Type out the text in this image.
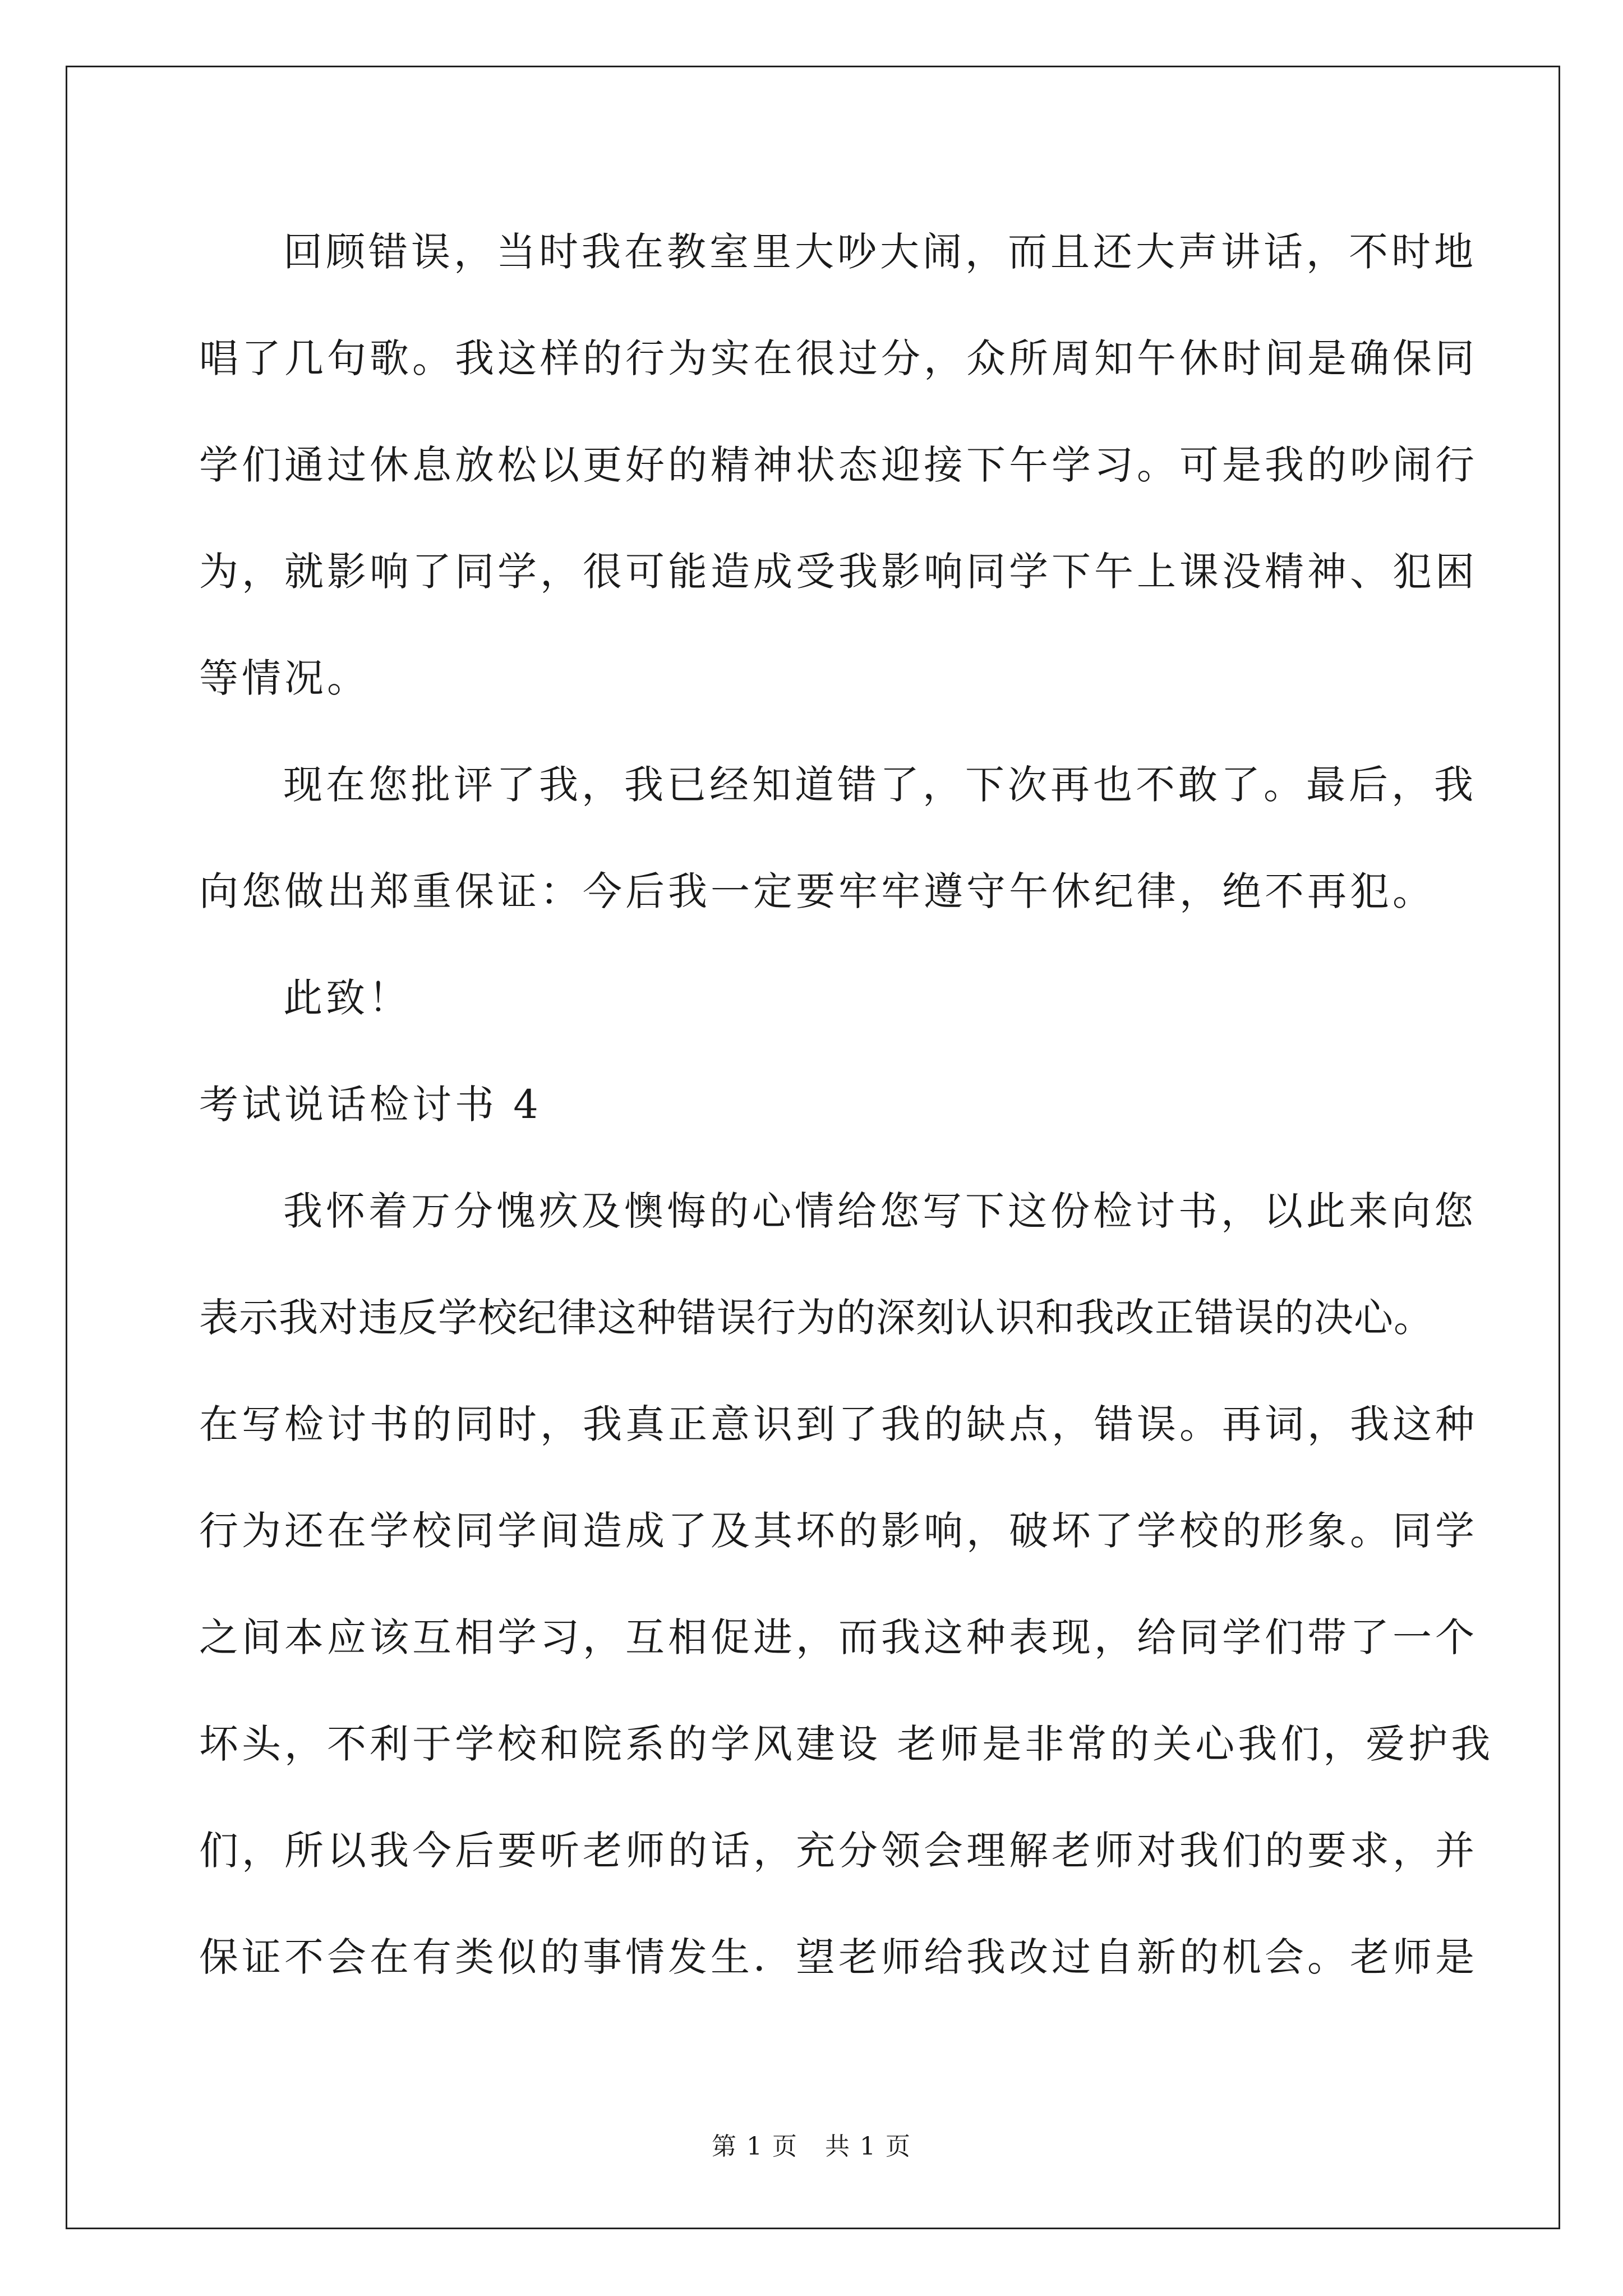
回顾错误，当时我在教室里大吵大闹，而且还大声讲话，不时地
唱了几句歌。我这样的行为实在很过分，众所周知午休时间是确保同
学们通过休息放松以更好的精神状态迎接下午学习。可是我的吵闹行
为，就影响了同学，很可能造成受我影响同学下午上课没精神、犯困
等情况。
现在您批评了我，我已经知道错了，下次再也不敢了。最后，我
向您做出郑重保证：今后我一定要牢牢遵守午休纪律，绝不再犯。
此致！
考试说话检讨书 4
我怀着万分愧疚及懊悔的心情给您写下这份检讨书，以此来向您
表示我对违反学校纪律这种错误行为的深刻认识和我改正错误的决心。
在写检讨书的同时，我真正意识到了我的缺点，错误。再词，我这种
行为还在学校同学间造成了及其坏的影响，破坏了学校的形象。同学
之间本应该互相学习，互相促进，而我这种表现，给同学们带了一个
坏头，不利于学校和院系的学风建设 老师是非常的关心我们，爱护我
们，所以我今后要听老师的话，充分领会理解老师对我们的要求，并
保证不会在有类似的事情发生．望老师给我改过自新的机会。老师是
第 1 页   共 1 页
